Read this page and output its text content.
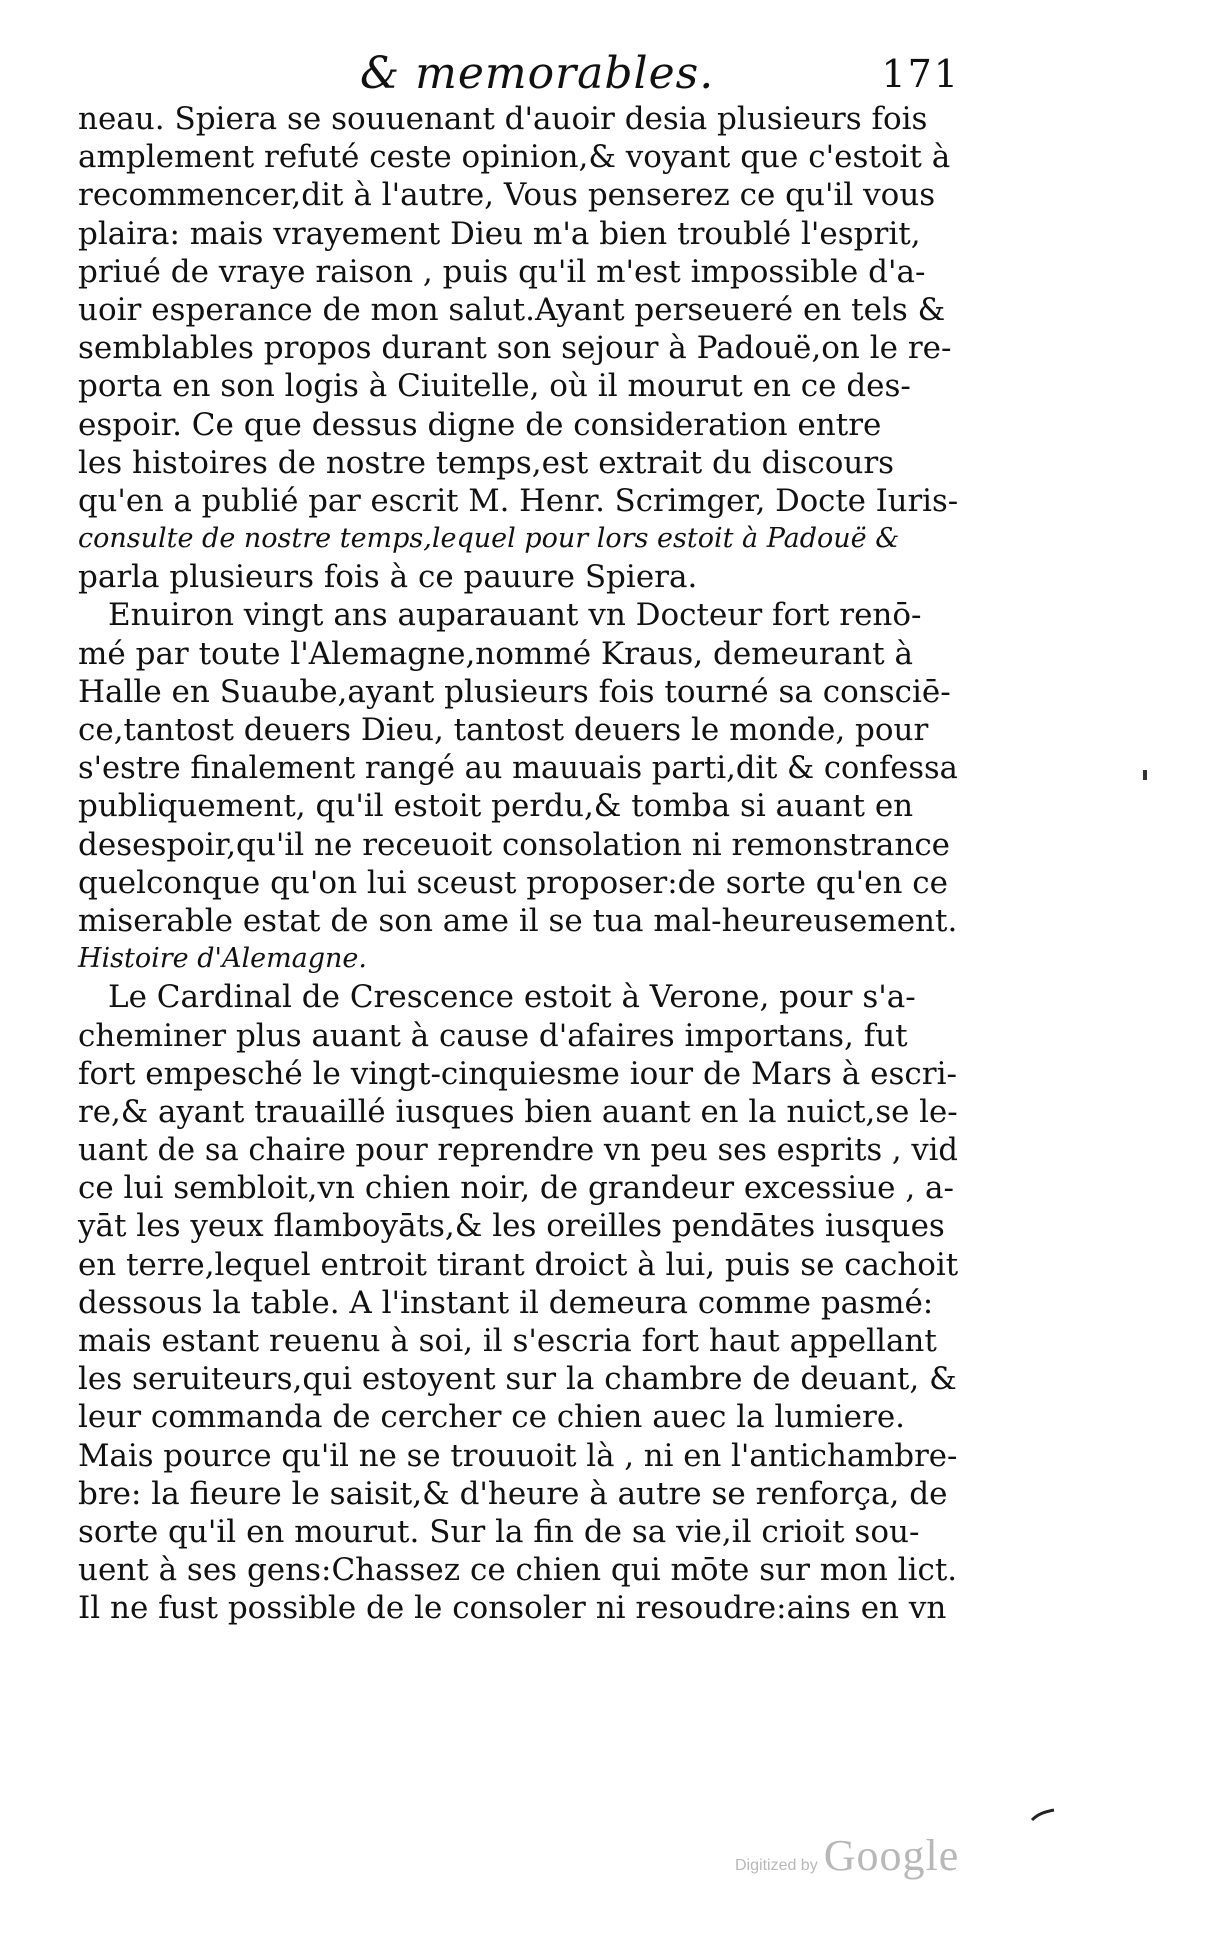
& memorables.	171
neau. Spiera se souuenant d'auoir desia plusieurs fois
amplement refuté ceste opinion,& voyant que c'estoit à
recommencer,dit à l'autre, Vous penserez ce qu'il vous
plaira: mais vrayement Dieu m'a bien troublé l'esprit,
priué de vraye raison , puis qu'il m'est impossible d'a-
uoir esperance de mon salut.Ayant perseueré en tels &
semblables propos durant son sejour à Padouë,on le re-
porta en son logis à Ciuitelle, où il mourut en ce des-
espoir. Ce que dessus digne de consideration entre
les histoires de nostre temps,est extrait du discours
qu'en a publié par escrit M. Henr. Scrimger, Docte Iuris-
consulte de nostre temps,lequel pour lors estoit à Padouë &
parla plusieurs fois à ce pauure Spiera.
Enuiron vingt ans auparauant vn Docteur fort renō-
mé par toute l'Alemagne,nommé Kraus, demeurant à
Halle en Suaube,ayant plusieurs fois tourné sa consciē-
ce,tantost deuers Dieu, tantost deuers le monde, pour
s'estre finalement rangé au mauuais parti,dit & confessa
publiquement, qu'il estoit perdu,& tomba si auant en
desespoir,qu'il ne receuoit consolation ni remonstrance
quelconque qu'on lui sceust proposer:de sorte qu'en ce
miserable estat de son ame il se tua mal-heureusement.
Histoire d'Alemagne.
Le Cardinal de Crescence estoit à Verone, pour s'a-
cheminer plus auant à cause d'afaires importans, fut
fort empesché le vingt-cinquiesme iour de Mars à escri-
re,& ayant trauaillé iusques bien auant en la nuict,se le-
uant de sa chaire pour reprendre vn peu ses esprits , vid
ce lui sembloit,vn chien noir, de grandeur excessiue , a-
yāt les yeux flamboyāts,& les oreilles pendātes iusques
en terre,lequel entroit tirant droict à lui, puis se cachoit
dessous la table. A l'instant il demeura comme pasmé:
mais estant reuenu à soi, il s'escria fort haut appellant
les seruiteurs,qui estoyent sur la chambre de deuant, &
leur commanda de cercher ce chien auec la lumiere.
Mais pource qu'il ne se trouuoit là , ni en l'antichambre-
bre: la fieure le saisit,& d'heure à autre se renforça, de
sorte qu'il en mourut. Sur la fin de sa vie,il crioit sou-
uent à ses gens:Chassez ce chien qui mōte sur mon lict.
Il ne fust possible de le consoler ni resoudre:ains en vn
Digitized by Google
